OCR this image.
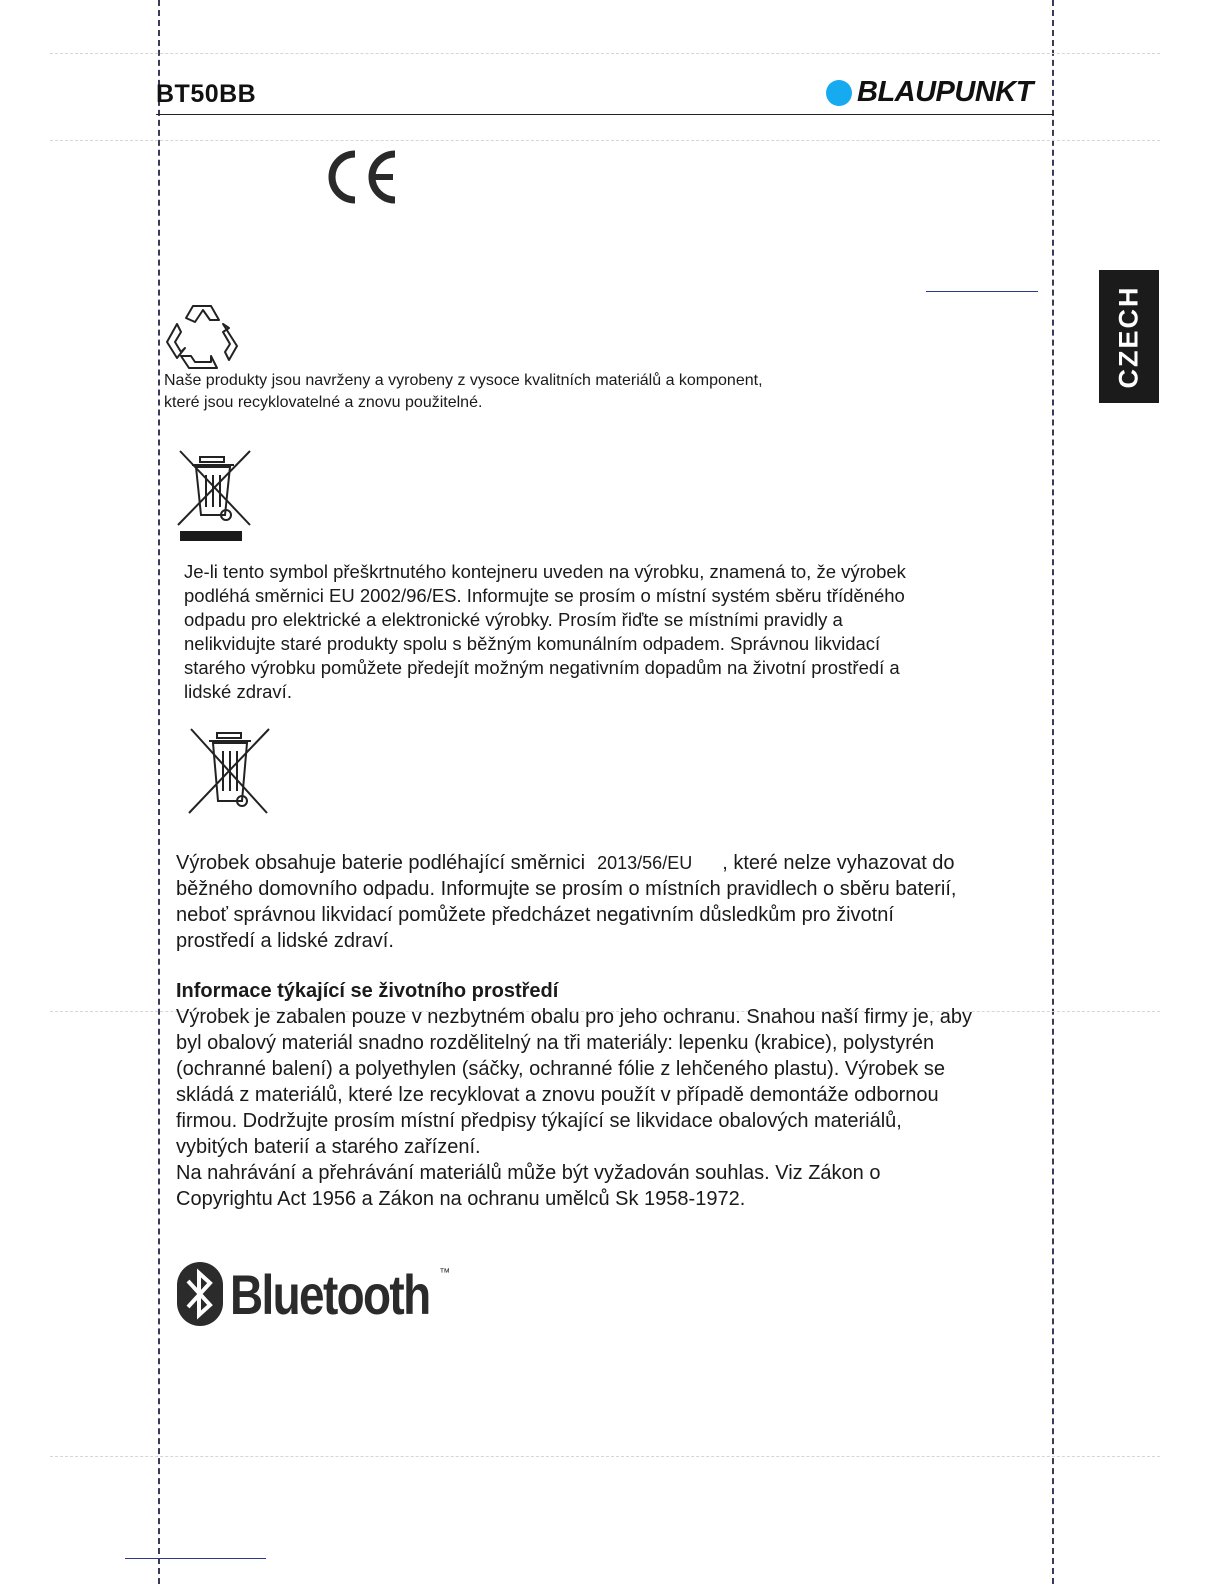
BT50BB	BLAUPUNKT
CZECH
Naše produkty jsou navrženy a vyrobeny z vysoce kvalitních materiálů a komponent,
které jsou recyklovatelné a znovu použitelné.
Je-li tento symbol přeškrtnutého kontejneru uveden na výrobku, znamená to, že výrobek
podléhá směrnici EU 2002/96/ES. Informujte se prosím o místní systém sběru tříděného
odpadu pro elektrické a elektronické výrobky. Prosím řiďte se místními pravidly a
nelikvidujte staré produkty spolu s běžným komunálním odpadem. Správnou likvidací
starého výrobku pomůžete předejít možným negativním dopadům na životní prostředí a
lidské zdraví.
Výrobek obsahuje baterie podléhající směrnici 2013/56/EU , které nelze vyhazovat do
běžného domovního odpadu. Informujte se prosím o místních pravidlech o sběru baterií,
neboť správnou likvidací pomůžete předcházet negativním důsledkům pro životní
prostředí a lidské zdraví.
Informace týkající se životního prostředí
Výrobek je zabalen pouze v nezbytném obalu pro jeho ochranu. Snahou naší firmy je, aby
byl obalový materiál snadno rozdělitelný na tři materiály: lepenku (krabice), polystyrén
(ochranné balení) a polyethylen (sáčky, ochranné fólie z lehčeného plastu). Výrobek se
skládá z materiálů, které lze recyklovat a znovu použít v případě demontáže odbornou
firmou. Dodržujte prosím místní předpisy týkající se likvidace obalových materiálů,
vybitých baterií a starého zařízení.
Na nahrávání a přehrávání materiálů může být vyžadován souhlas. Viz Zákon o
Copyrightu Act 1956 a Zákon na ochranu umělců Sk 1958-1972.
Bluetooth ™
